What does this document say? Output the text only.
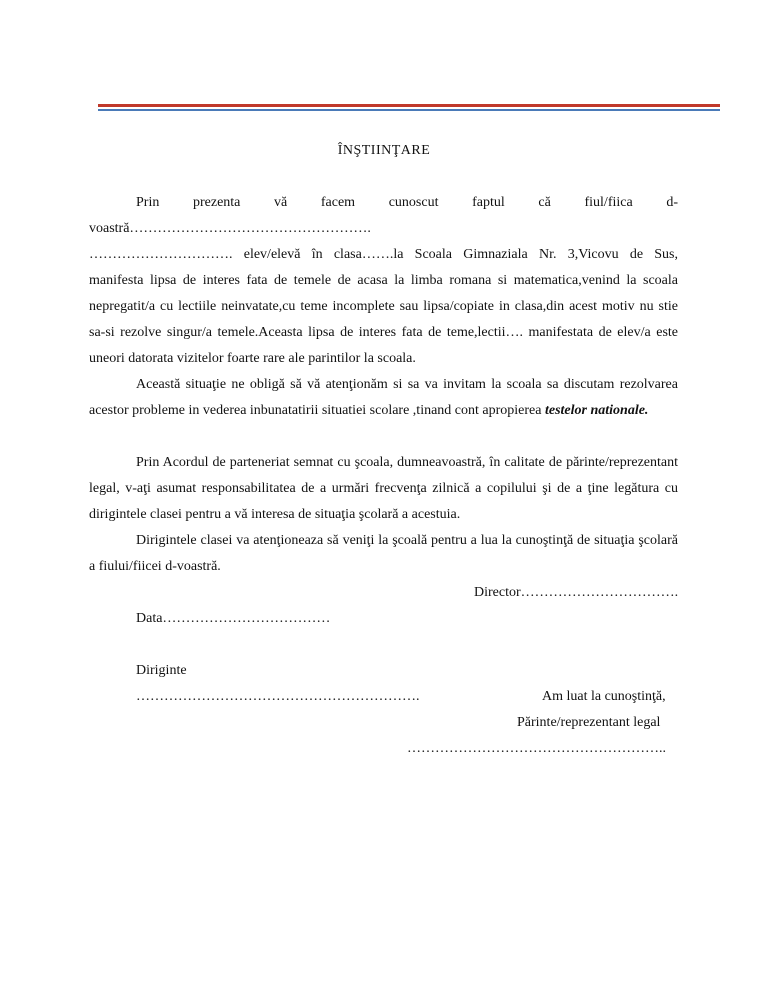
ÎNŞTIINŢARE
Prin prezenta vă facem cunoscut faptul că fiul/fiica d-
voastră…………………………………………….
…………………………. elev/elevă în clasa…….la Scoala Gimnaziala Nr. 3,Vicovu de Sus,
manifesta lipsa de interes fata de temele de acasa la limba romana si matematica,venind la scoala nepregatit/a cu lectiile neinvatate,cu teme incomplete sau lipsa/copiate in clasa,din acest motiv nu stie sa-si rezolve singur/a temele.Aceasta lipsa de interes fata de teme,lectii…. manifestata de elev/a este uneori datorata vizitelor foarte rare ale parintilor la scoala.
Această situaţie ne obligă să vă atenţionăm si sa va invitam la scoala sa discutam rezolvarea acestor probleme in vederea inbunatatirii situatiei scolare ,tinand cont apropierea testelor nationale.
Prin Acordul de parteneriat semnat cu şcoala, dumneavoastră, în calitate de părinte/reprezentant legal, v-aţi asumat responsabilitatea de a urmări frecvenţa zilnică a copilului şi de a ţine legătura cu dirigintele clasei pentru a vă interesa de situaţia şcolară a acestuia.
Dirigintele clasei va atenţioneaza să veniţi la şcoală pentru a lua la cunoştinţă de situaţia şcolară a fiului/fiicei d-voastră.
Director…………………………….
Data………………………………
Diriginte
…………………………………………………….	Am luat la cunoştinţă,
Părinte/reprezentant legal
………………………………………………..
